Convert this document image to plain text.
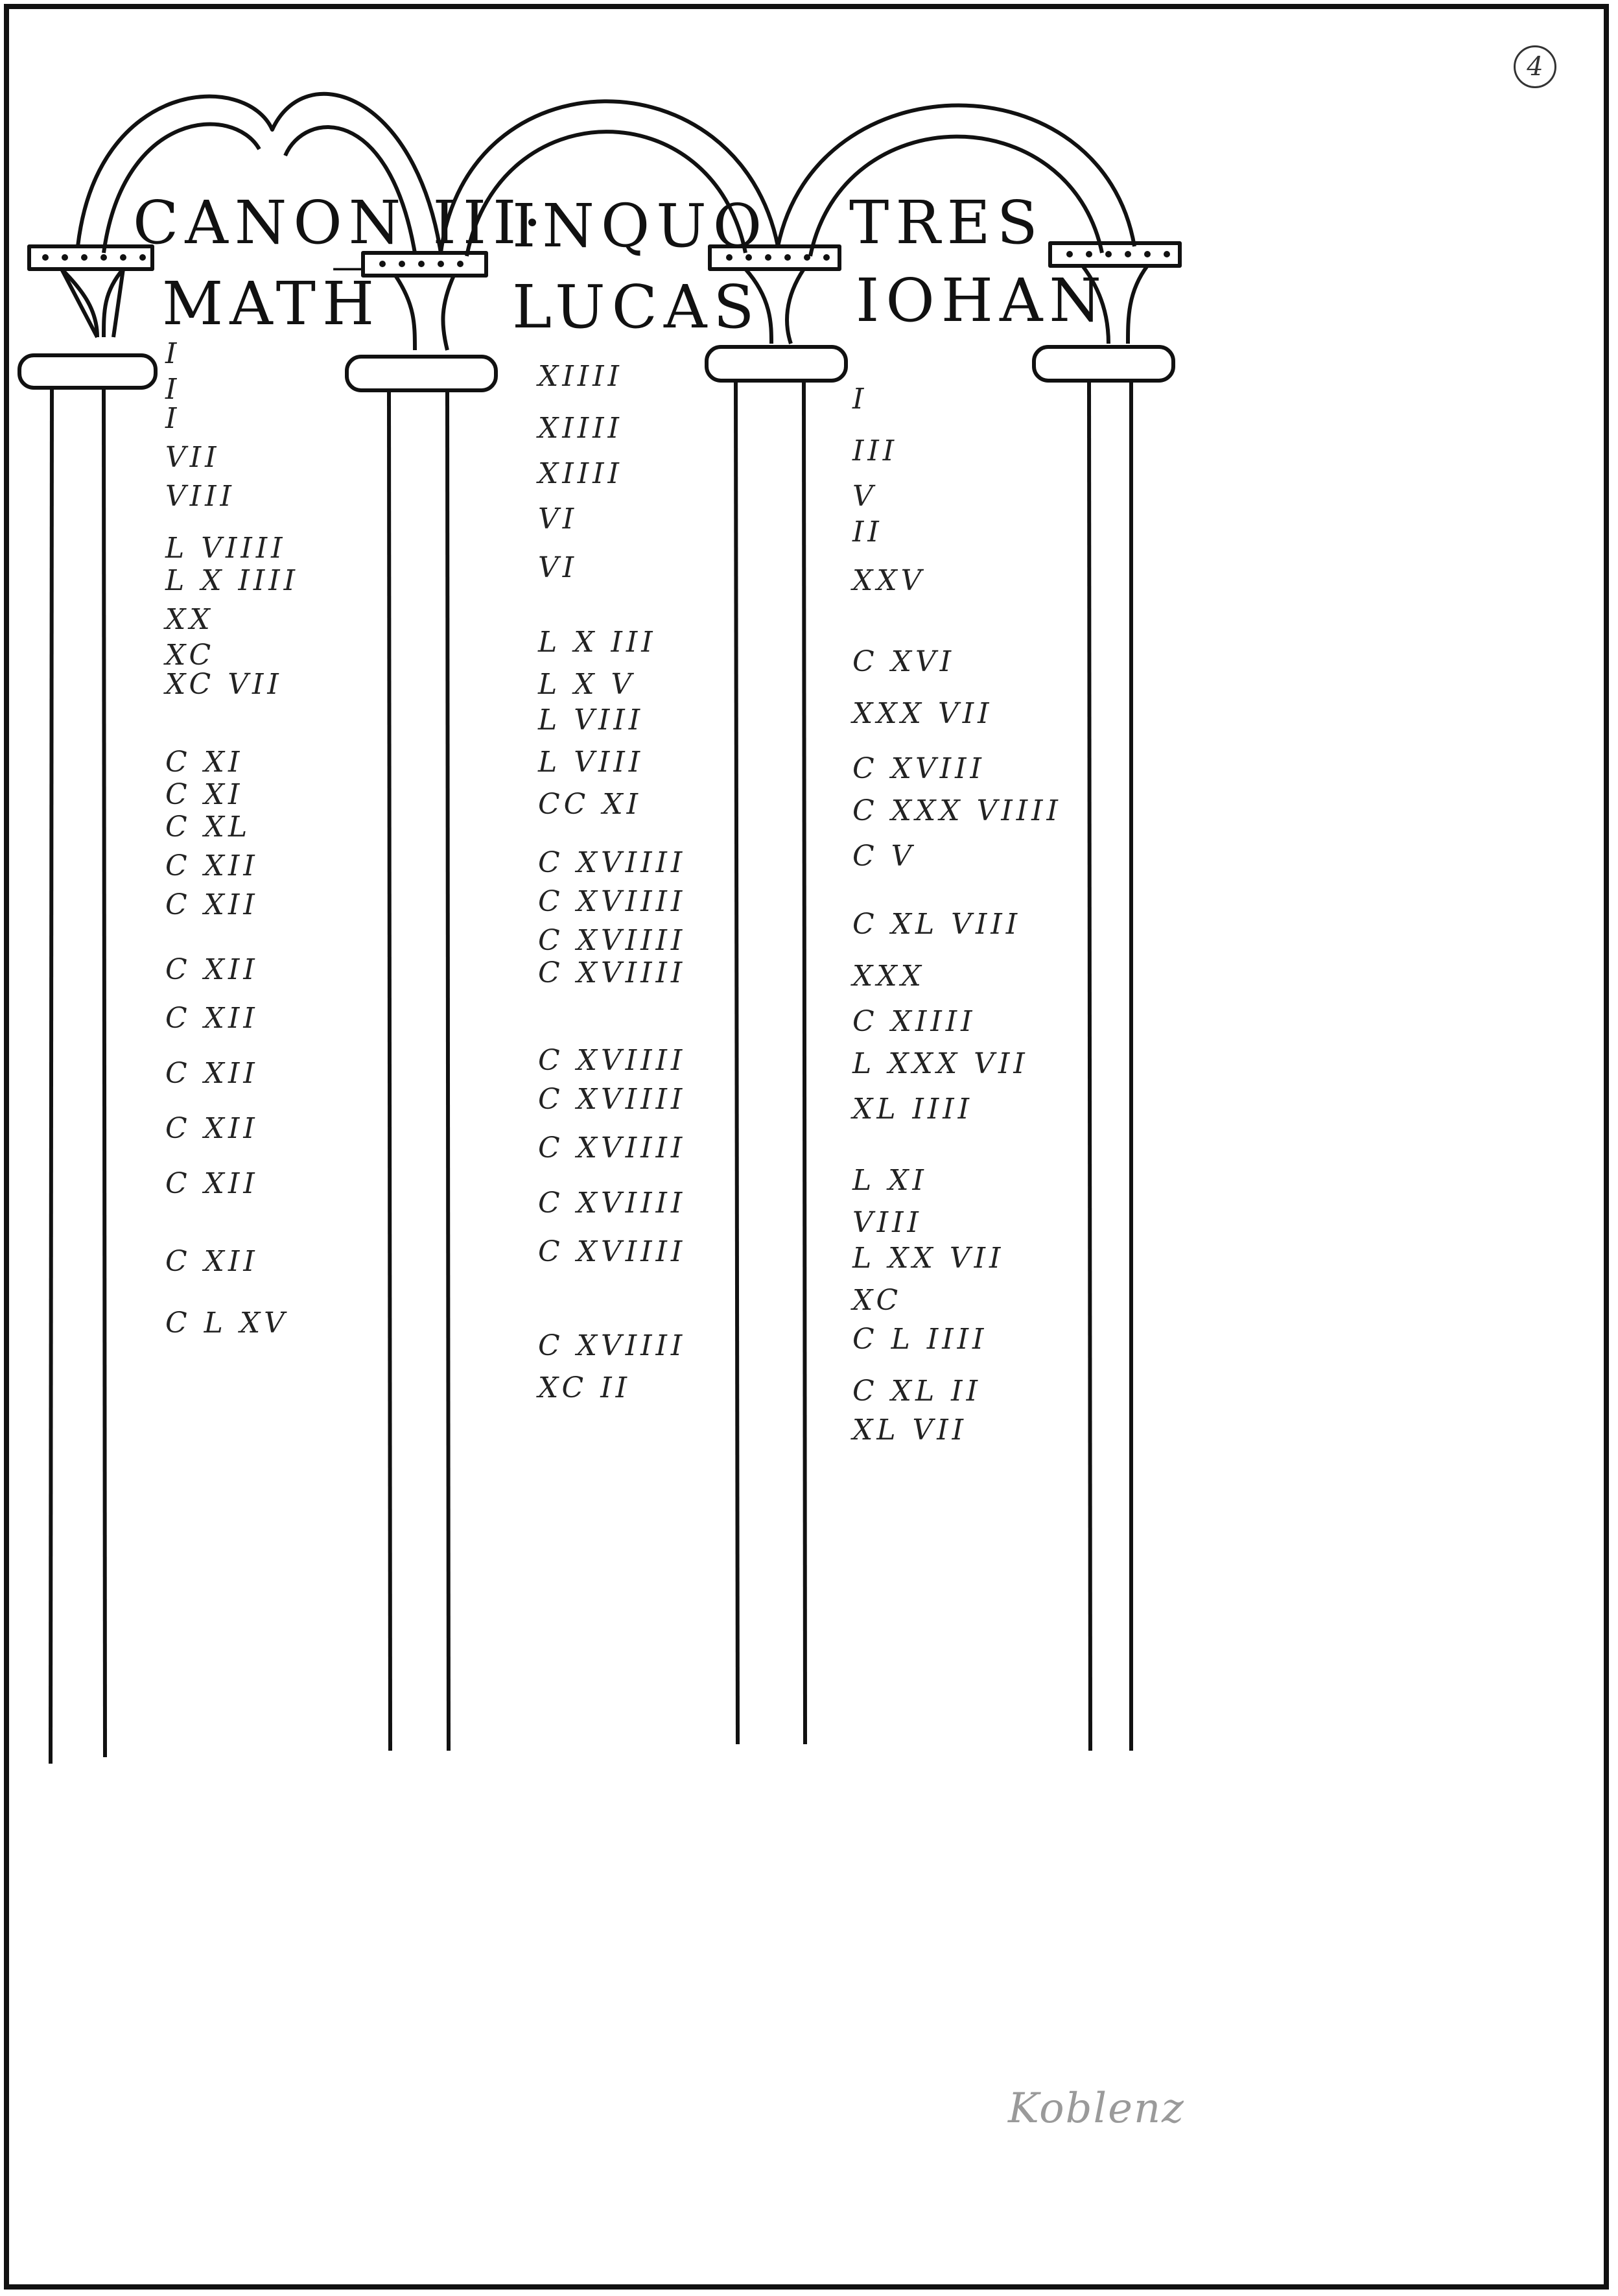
4
CANON III·
MATH̅
INQUO
LUCAS
TRES
IOHAN
I
I
I
VII
VIII
L VIIII
L X IIII
XX
XC
XC VII
C XI
C XI
C XL
C XII
C XII
C XII
C XII
C XII
C XII
C XII
C XII
C L XV
XIIII
XIIII
XIIII
VI
VI
L X III
L X V
L VIII
L VIII
CC XI
C XVIIII
C XVIIII
C XVIIII
C XVIIII
C XVIIII
C XVIIII
C XVIIII
C XVIIII
C XVIIII
C XVIIII
XC II
I
III
V
II
XXV
C XVI
XXX VII
C XVIII
C XXX VIIII
C V
C XL VIII
XXX
C XIIII
L XXX VII
XL IIII
L XI
VIII
L XX VII
XC
C L IIII
C XL II
XL VII
Koblenz
